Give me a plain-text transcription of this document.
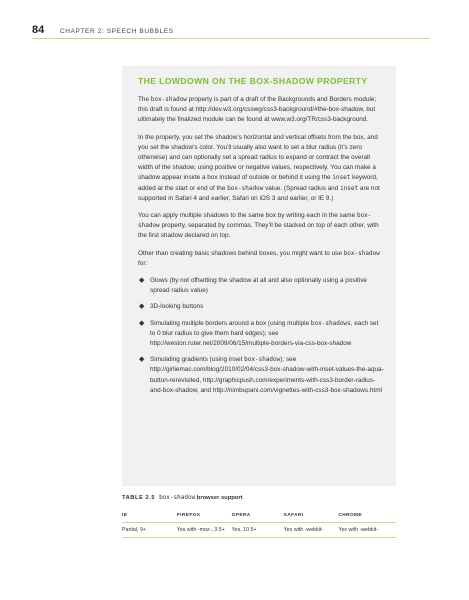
84	CHAPTER 2: SPEECH BUBBLES
THE LOWDOWN ON THE BOX-SHADOW PROPERTY

The box-shadow property is part of a draft of the Backgrounds and Borders module; this draft is found at http://dev.w3.org/csswg/css3-background/#the-box-shadow, but ultimately the finalized module can be found at www.w3.org/TR/css3-background.

In the property, you set the shadow’s horizontal and vertical offsets from the box, and you set the shadow’s color. You’ll usually also want to set a blur radius (it’s zero otherwise) and can optionally set a spread radius to expand or contract the overall width of the shadow, using positive or negative values, respectively. You can make a shadow appear inside a box instead of outside or behind it using the inset keyword, added at the start or end of the box-shadow value. (Spread radius and inset are not supported in Safari 4 and earlier, Safari on iOS 3 and earlier, or IE 9.)

You can apply multiple shadows to the same box by writing each in the same box-shadow property, separated by commas. They’ll be stacked on top of each other, with the first shadow declared on top.

Other than creating basic shadows behind boxes, you might want to use box-shadow for:

◆ Glows (by not offsetting the shadow at all and also optionally using a positive spread radius value)
◆ 3D-looking buttons
◆ Simulating multiple borders around a box (using multiple box-shadows, each set to 0 blur radius to give them hard edges); see http://weston.ruter.net/2009/06/15/multiple-borders-via-css-box-shadow
◆ Simulating gradients (using inset box-shadow); see http://girliemac.com/blog/2010/02/04/css3-box-shadow-with-inset-values-the-aqua-button-rerevisited, http://graphicpush.com/experiments-with-css3-border-radius-and-box-shadow, and http://nimbupani.com/vignettes-with-css3-box-shadows.html
TABLE 2.5 box-shadow browser support
IE	FIREFOX	OPERA	SAFARI	CHROME
Partial, 9+	Yes with -moz-, 3.5+	Yes, 10.5+	Yes with -webkit-	Yes with -webkit-
